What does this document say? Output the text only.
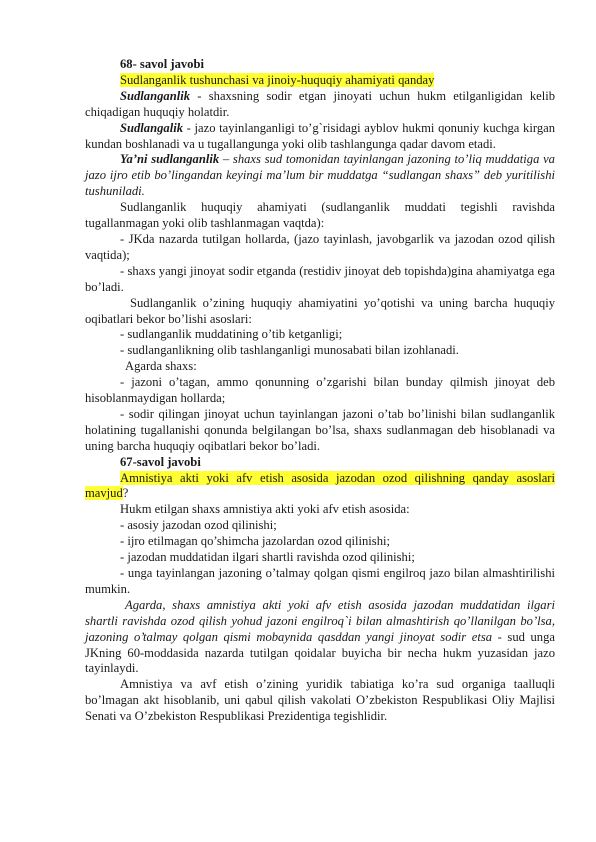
68- savol javobi

Sudlanganlik tushunchasi va jinoiy-huquqiy ahamiyati qanday

Sudlanganlik - shaxsning sodir etgan jinoyati uchun hukm etilganligidan kelib chiqadigan huquqiy holatdir.

Sudlangalik - jazo tayinlanganligi to’g`risidagi ayblov hukmi qonuniy kuchga kirgan kundan boshlanadi va u tugallangunga yoki olib tashlangunga qadar davom etadi.

Ya’ni sudlanganlik – shaxs sud tomonidan tayinlangan jazoning to’liq muddatiga va jazo ijro etib bo’lingandan keyingi ma’lum bir muddatga “sudlangan shaxs” deb yuritilishi tushuniladi.

Sudlanganlik huquqiy ahamiyati (sudlanganlik muddati tegishli ravishda tugallanmagan yoki olib tashlanmagan vaqtda):

- JKda nazarda tutilgan hollarda, (jazo tayinlash, javobgarlik va jazodan ozod qilish vaqtida);

- shaxs yangi jinoyat sodir etganda (restidiv jinoyat deb topishda)gina ahamiyatga ega bo’ladi.

Sudlanganlik o’zining huquqiy ahamiyatini yo’qotishi va uning barcha huquqiy oqibatlari bekor bo’lishi asoslari:

- sudlanganlik muddatining o’tib ketganligi;

- sudlanganlikning olib tashlanganligi munosabati bilan izohlanadi.

Agarda shaxs:

- jazoni o’tagan, ammo qonunning o’zgarishi bilan bunday qilmish jinoyat deb hisoblanmaydigan hollarda;

- sodir qilingan jinoyat uchun tayinlangan jazoni o’tab bo’linishi bilan sudlanganlik holatining tugallanishi qonunda belgilangan bo’lsa, shaxs sudlanmagan deb hisoblanadi va uning barcha huquqiy oqibatlari bekor bo’ladi.

67-savol javobi

Amnistiya akti yoki afv etish asosida jazodan ozod qilishning qanday asoslari mavjud?

Hukm etilgan shaxs amnistiya akti yoki afv etish asosida:

- asosiy jazodan ozod qilinishi;

- ijro etilmagan qo’shimcha jazolardan ozod qilinishi;

- jazodan muddatidan ilgari shartli ravishda ozod qilinishi;

- unga tayinlangan jazoning o’talmay qolgan qismi engilroq jazo bilan almashtirilishi mumkin.

Agarda, shaxs amnistiya akti yoki afv etish asosida jazodan muddatidan ilgari shartli ravishda ozod qilish yohud jazoni engilroq`i bilan almashtirish qo’llanilgan bo’lsa, jazoning o’talmay qolgan qismi mobaynida qasddan yangi jinoyat sodir etsa - sud unga JKning 60-moddasida nazarda tutilgan qoidalar buyicha bir necha hukm yuzasidan jazo tayinlaydi.

Amnistiya va avf etish o’zining yuridik tabiatiga ko’ra sud organiga taalluqli bo’lmagan akt hisoblanib, uni qabul qilish vakolati O’zbekiston Respublikasi Oliy Majlisi Senati va O’zbekiston Respublikasi Prezidentiga tegishlidir.
